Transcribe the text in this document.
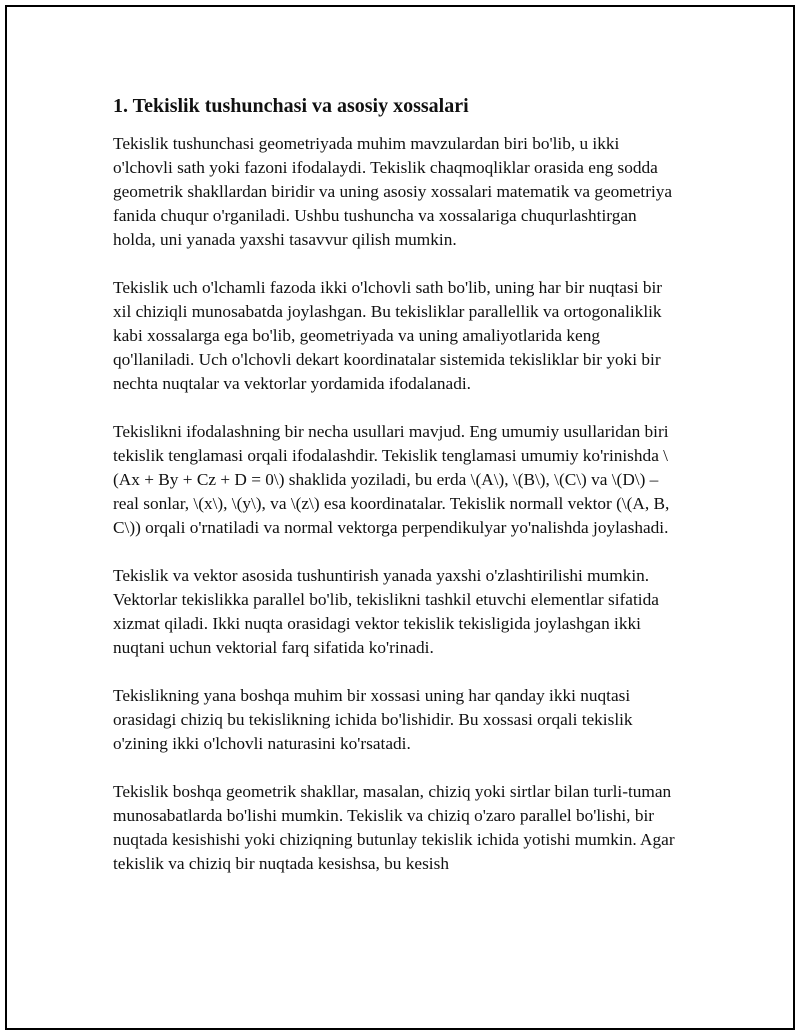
1. Tekislik tushunchasi va asosiy xossalari

Tekislik tushunchasi geometriyada muhim mavzulardan biri bo'lib, u ikki o'lchovli sath yoki fazoni ifodalaydi. Tekislik chaqmoqliklar orasida eng sodda geometrik shakllardan biridir va uning asosiy xossalari matematik va geometriya fanida chuqur o'rganiladi. Ushbu tushuncha va xossalariga chuqurlashtirgan holda, uni yanada yaxshi tasavvur qilish mumkin.

Tekislik uch o'lchamli fazoda ikki o'lchovli sath bo'lib, uning har bir nuqtasi bir xil chiziqli munosabatda joylashgan. Bu tekisliklar parallellik va ortogonaliklik kabi xossalarga ega bo'lib, geometriyada va uning amaliyotlarida keng qo'llaniladi. Uch o'lchovli dekart koordinatalar sistemida tekisliklar bir yoki bir nechta nuqtalar va vektorlar yordamida ifodalanadi.

Tekislikni ifodalashning bir necha usullari mavjud. Eng umumiy usullaridan biri tekislik tenglamasi orqali ifodalashdir. Tekislik tenglamasi umumiy ko'rinishda \(Ax + By + Cz + D = 0\) shaklida yoziladi, bu erda \(A\), \(B\), \(C\) va \(D\) – real sonlar, \(x\), \(y\), va \(z\) esa koordinatalar. Tekislik normall vektor (\(A, B, C\)) orqali o'rnatiladi va normal vektorga perpendikulyar yo'nalishda joylashadi.

Tekislik va vektor asosida tushuntirish yanada yaxshi o'zlashtirilishi mumkin. Vektorlar tekislikka parallel bo'lib, tekislikni tashkil etuvchi elementlar sifatida xizmat qiladi. Ikki nuqta orasidagi vektor tekislik tekisligida joylashgan ikki nuqtani uchun vektorial farq sifatida ko'rinadi.

Tekislikning yana boshqa muhim bir xossasi uning har qanday ikki nuqtasi orasidagi chiziq bu tekislikning ichida bo'lishidir. Bu xossasi orqali tekislik o'zining ikki o'lchovli naturasini ko'rsatadi.

Tekislik boshqa geometrik shakllar, masalan, chiziq yoki sirtlar bilan turli-tuman munosabatlarda bo'lishi mumkin. Tekislik va chiziq o'zaro parallel bo'lishi, bir nuqtada kesishishi yoki chiziqning butunlay tekislik ichida yotishi mumkin. Agar tekislik va chiziq bir nuqtada kesishsa, bu kesish
